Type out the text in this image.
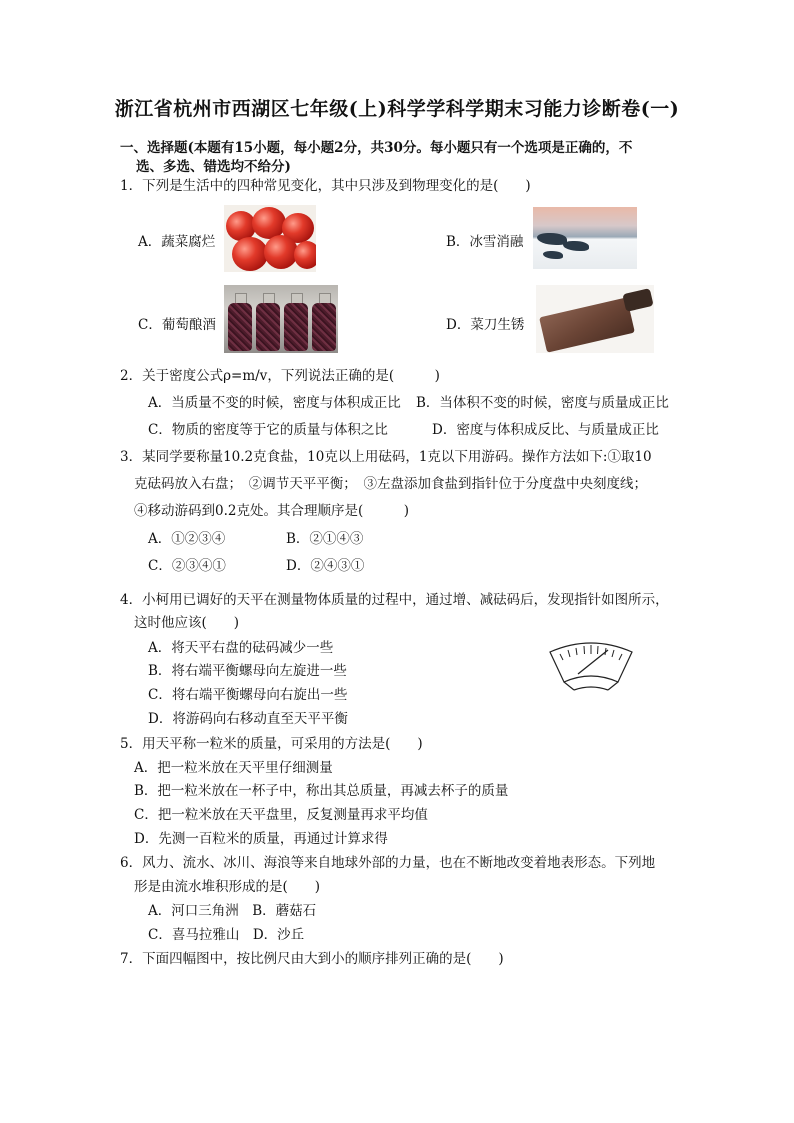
浙江省杭州市西湖区七年级(上)科学学科学期末习能力诊断卷(一)
一、选择题(本题有15小题，每小题2分，共30分。每小题只有一个选项是正确的，不
选、多选、错选均不给分)
1．下列是生活中的四种常见变化，其中只涉及到物理变化的是(　　)
A．蔬菜腐烂	B．冰雪消融
C．葡萄酿酒	D．菜刀生锈
2．关于密度公式ρ=m/v，下列说法正确的是(　　　)
A．当质量不变的时候，密度与体积成正比 B．当体积不变的时候，密度与质量成正比
C．物质的密度等于它的质量与体积之比	D．密度与体积成反比、与质量成正比
3．某同学要称量10.2克食盐，10克以上用砝码，1克以下用游码。操作方法如下:①取10
克砝码放入右盘；　②调节天平平衡；　③左盘添加食盐到指针位于分度盘中央刻度线；
④移动游码到0.2克处。其合理顺序是(　　　)
A．①②③④	B．②①④③
C．②③④①	D．②④③①
4．小柯用已调好的天平在测量物体质量的过程中，通过增、减砝码后，发现指针如图所示，
这时他应该(　　)
A．将天平右盘的砝码减少一些
B．将右端平衡螺母向左旋进一些
C．将右端平衡螺母向右旋出一些
D．将游码向右移动直至天平平衡
5．用天平称一粒米的质量，可采用的方法是(　　)
A．把一粒米放在天平里仔细测量
B．把一粒米放在一杯子中，称出其总质量，再减去杯子的质量
C．把一粒米放在天平盘里，反复测量再求平均值
D．先测一百粒米的质量，再通过计算求得
6．风力、流水、冰川、海浪等来自地球外部的力量，也在不断地改变着地表形态。下列地
形是由流水堆积形成的是(　　)
A．河口三角洲　B．蘑菇石
C．喜马拉雅山　D．沙丘
7．下面四幅图中，按比例尺由大到小的顺序排列正确的是(　　)
